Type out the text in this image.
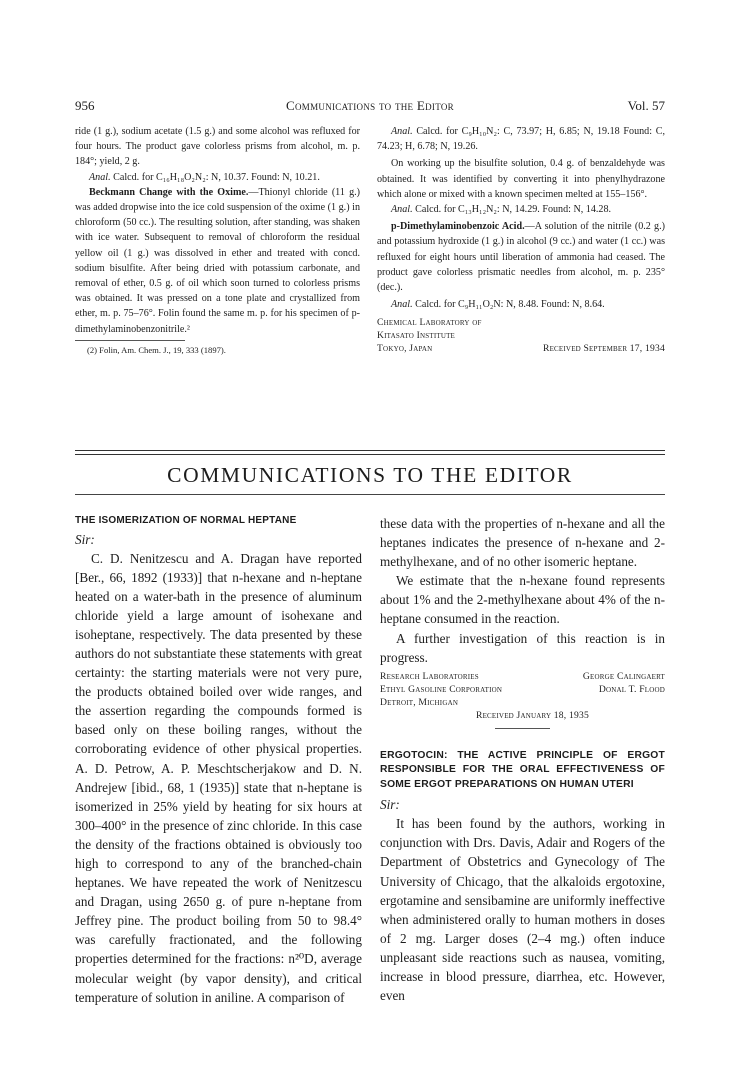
956	Communications to the Editor	Vol. 57

ride (1 g.), sodium acetate (1.5 g.) and some alcohol was refluxed for four hours. The product gave colorless prisms from alcohol, m. p. 184°; yield, 2 g.

Anal. Calcd. for C₁₆H₁₈O₂N₂: N, 10.37. Found: N, 10.21.

Beckmann Change with the Oxime.—Thionyl chloride (11 g.) was added dropwise into the ice cold suspension of the oxime (1 g.) in chloroform (50 cc.). The resulting solution, after standing, was shaken with ice water. Subsequent to removal of chloroform the residual yellow oil (1 g.) was dissolved in ether and treated with concd. sodium bisulfite. After being dried with potassium carbonate, and removal of ether, 0.5 g. of oil which soon turned to colorless prisms was obtained. It was pressed on a tone plate and crystallized from ether, m. p. 75–76°. Folin found the same m. p. for his specimen of p-dimethylaminobenzonitrile.²

(2) Folin, Am. Chem. J., 19, 333 (1897).

Anal. Calcd. for C₉H₁₀N₂: C, 73.97; H, 6.85; N, 19.18 Found: C, 74.23; H, 6.78; N, 19.26.

On working up the bisulfite solution, 0.4 g. of benzaldehyde was obtained. It was identified by converting it into phenylhydrazone which alone or mixed with a known specimen melted at 155–156°.

Anal. Calcd. for C₁₃H₁₂N₂: N, 14.29. Found: N, 14.28.

p-Dimethylaminobenzoic Acid.—A solution of the nitrile (0.2 g.) and potassium hydroxide (1 g.) in alcohol (9 cc.) and water (1 cc.) was refluxed for eight hours until liberation of ammonia had ceased. The product gave colorless prismatic needles from alcohol, m. p. 235° (dec.).

Anal. Calcd. for C₉H₁₁O₂N: N, 8.48. Found: N, 8.64.

Chemical Laboratory of
Kitasato Institute
Tokyo, Japan	Received September 17, 1934
COMMUNICATIONS TO THE EDITOR
THE ISOMERIZATION OF NORMAL HEPTANE
Sir:

C. D. Nenitzescu and A. Dragan have reported [Ber., 66, 1892 (1933)] that n-hexane and n-heptane heated on a water-bath in the presence of aluminum chloride yield a large amount of isohexane and isoheptane, respectively. The data presented by these authors do not substantiate these statements with great certainty: the starting materials were not very pure, the products obtained boiled over wide ranges, and the assertion regarding the compounds formed is based only on these boiling ranges, without the corroborating evidence of other physical properties. A. D. Petrow, A. P. Meschtscherjakow and D. N. Andrejew [ibid., 68, 1 (1935)] state that n-heptane is isomerized in 25% yield by heating for six hours at 300–400° in the presence of zinc chloride. In this case the density of the fractions obtained is obviously too high to correspond to any of the branched-chain heptanes. We have repeated the work of Nenitzescu and Dragan, using 2650 g. of pure n-heptane from Jeffrey pine. The product boiling from 50 to 98.4° was carefully fractionated, and the following properties determined for the fractions: n²⁰D, average molecular weight (by vapor density), and critical temperature of solution in aniline. A comparison of

these data with the properties of n-hexane and all the heptanes indicates the presence of n-hexane and 2-methylhexane, and of no other isomeric heptane.

We estimate that the n-hexane found represents about 1% and the 2-methylhexane about 4% of the n-heptane consumed in the reaction.

A further investigation of this reaction is in progress.

Research Laboratories	George Calingaert
Ethyl Gasoline Corporation	Donal T. Flood
Detroit, Michigan
Received January 18, 1935
ERGOTOCIN: THE ACTIVE PRINCIPLE OF ERGOT RESPONSIBLE FOR THE ORAL EFFECTIVENESS OF SOME ERGOT PREPARATIONS ON HUMAN UTERI
Sir:

It has been found by the authors, working in conjunction with Drs. Davis, Adair and Rogers of the Department of Obstetrics and Gynecology of The University of Chicago, that the alkaloids ergotoxine, ergotamine and sensibamine are uniformly ineffective when administered orally to human mothers in doses of 2 mg. Larger doses (2–4 mg.) often induce unpleasant side reactions such as nausea, vomiting, increase in blood pressure, diarrhea, etc. However, even
